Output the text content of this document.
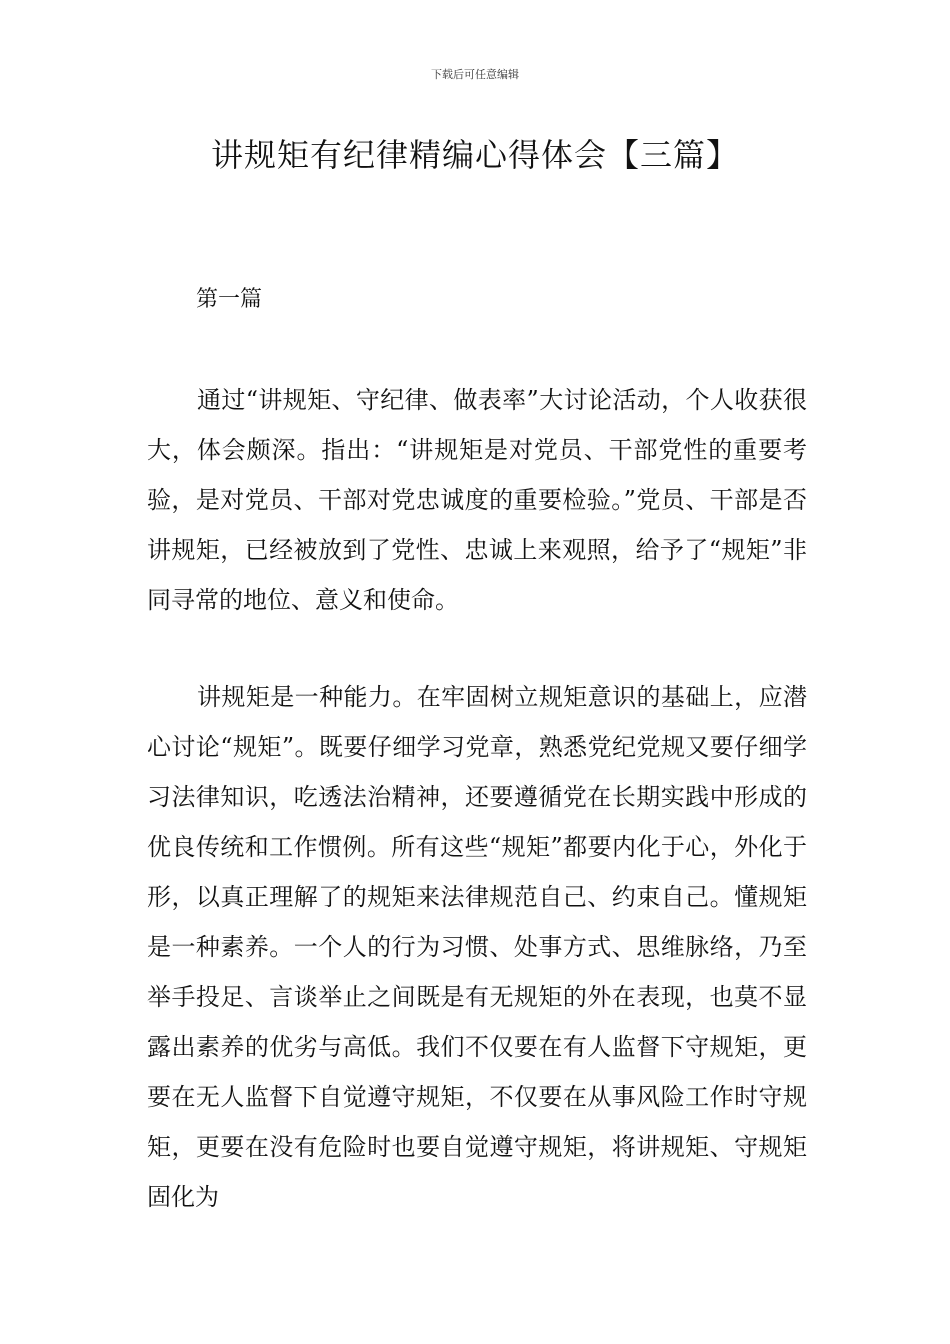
下载后可任意编辑
讲规矩有纪律精编心得体会【三篇】
第一篇

通过“讲规矩、守纪律、做表率”大讨论活动，个人收获很大，体会颇深。指出：“讲规矩是对党员、干部党性的重要考验，是对党员、干部对党忠诚度的重要检验。”党员、干部是否讲规矩，已经被放到了党性、忠诚上来观照，给予了“规矩”非同寻常的地位、意义和使命。

讲规矩是一种能力。在牢固树立规矩意识的基础上，应潜心讨论“规矩”。既要仔细学习党章，熟悉党纪党规又要仔细学习法律知识，吃透法治精神，还要遵循党在长期实践中形成的优良传统和工作惯例。所有这些“规矩”都要内化于心，外化于形，以真正理解了的规矩来法律规范自己、约束自己。懂规矩是一种素养。一个人的行为习惯、处事方式、思维脉络，乃至举手投足、言谈举止之间既是有无规矩的外在表现，也莫不显露出素养的优劣与高低。我们不仅要在有人监督下守规矩，更要在无人监督下自觉遵守规矩，不仅要在从事风险工作时守规矩，更要在没有危险时也要自觉遵守规矩，将讲规矩、守规矩固化为
